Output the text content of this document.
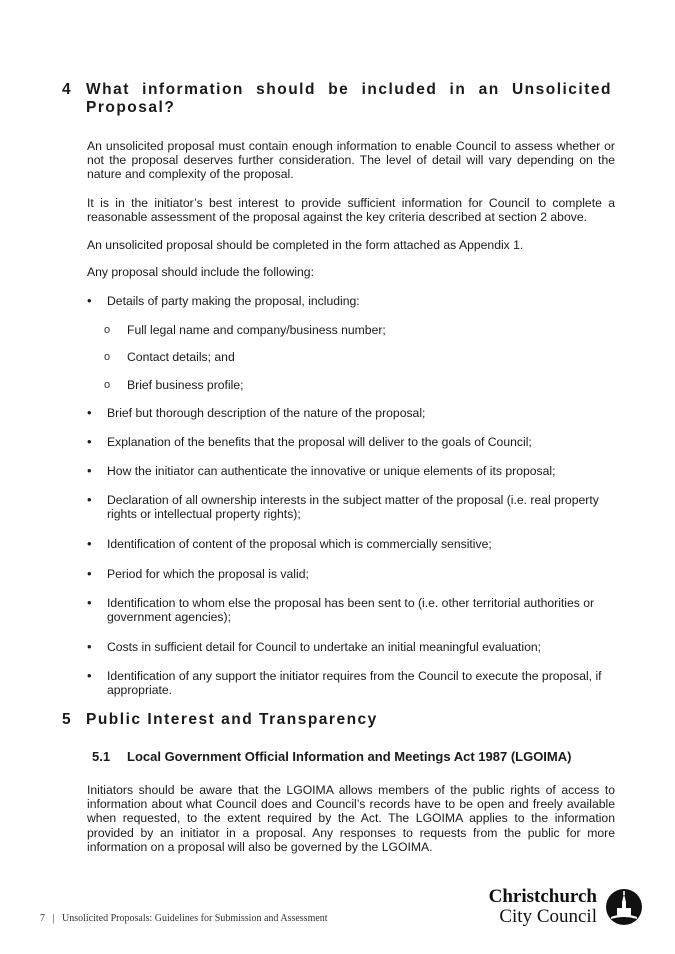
4 What information should be included in an Unsolicited Proposal?
An unsolicited proposal must contain enough information to enable Council to assess whether or not the proposal deserves further consideration. The level of detail will vary depending on the nature and complexity of the proposal.
It is in the initiator’s best interest to provide sufficient information for Council to complete a reasonable assessment of the proposal against the key criteria described at section 2 above.
An unsolicited proposal should be completed in the form attached as Appendix 1.
Any proposal should include the following:
•	Details of party making the proposal, including:
o	Full legal name and company/business number;
o	Contact details; and
o	Brief business profile;
•	Brief but thorough description of the nature of the proposal;
•	Explanation of the benefits that the proposal will deliver to the goals of Council;
•	How the initiator can authenticate the innovative or unique elements of its proposal;
•	Declaration of all ownership interests in the subject matter of the proposal (i.e. real property rights or intellectual property rights);
•	Identification of content of the proposal which is commercially sensitive;
•	Period for which the proposal is valid;
•	Identification to whom else the proposal has been sent to (i.e. other territorial authorities or government agencies);
•	Costs in sufficient detail for Council to undertake an initial meaningful evaluation;
•	Identification of any support the initiator requires from the Council to execute the proposal, if appropriate.
5 Public Interest and Transparency
5.1	Local Government Official Information and Meetings Act 1987 (LGOIMA)
Initiators should be aware that the LGOIMA allows members of the public rights of access to information about what Council does and Council’s records have to be open and freely available when requested, to the extent required by the Act. The LGOIMA applies to the information provided by an initiator in a proposal. Any responses to requests from the public for more information on a proposal will also be governed by the LGOIMA.
7 | Unsolicited Proposals: Guidelines for Submission and Assessment
Christchurch
City Council
